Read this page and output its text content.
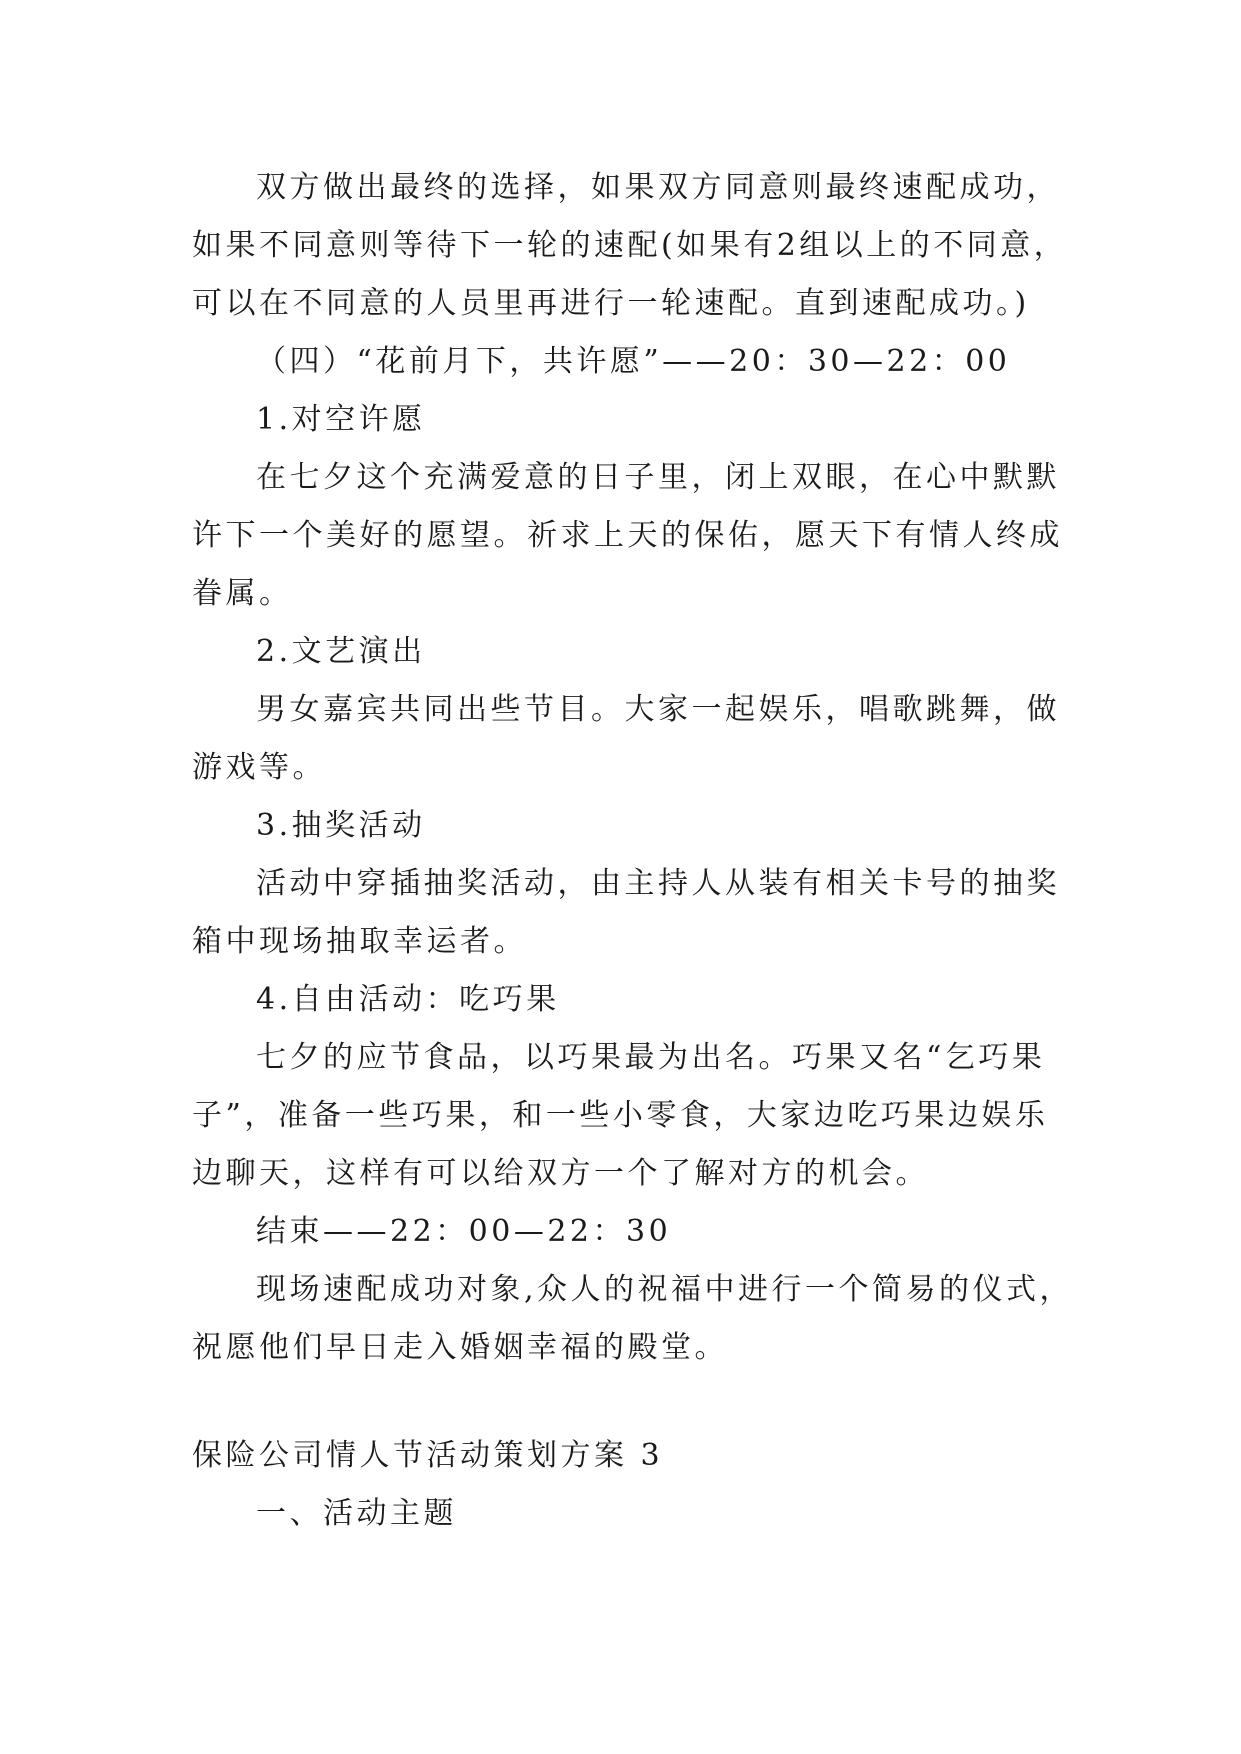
双方做出最终的选择，如果双方同意则最终速配成功，

如果不同意则等待下一轮的速配(如果有2组以上的不同意，

可以在不同意的人员里再进行一轮速配。直到速配成功。)

（四）“花前月下，共许愿”——20：30—22：00

1.对空许愿

在七夕这个充满爱意的日子里，闭上双眼，在心中默默

许下一个美好的愿望。祈求上天的保佑，愿天下有情人终成

眷属。

2.文艺演出

男女嘉宾共同出些节目。大家一起娱乐，唱歌跳舞，做

游戏等。

3.抽奖活动

活动中穿插抽奖活动，由主持人从装有相关卡号的抽奖

箱中现场抽取幸运者。

4.自由活动：吃巧果

七夕的应节食品，以巧果最为出名。巧果又名“乞巧果

子”，准备一些巧果，和一些小零食，大家边吃巧果边娱乐

边聊天，这样有可以给双方一个了解对方的机会。

结束——22：00—22：30

现场速配成功对象,众人的祝福中进行一个简易的仪式，

祝愿他们早日走入婚姻幸福的殿堂。

保险公司情人节活动策划方案 3

一、活动主题
